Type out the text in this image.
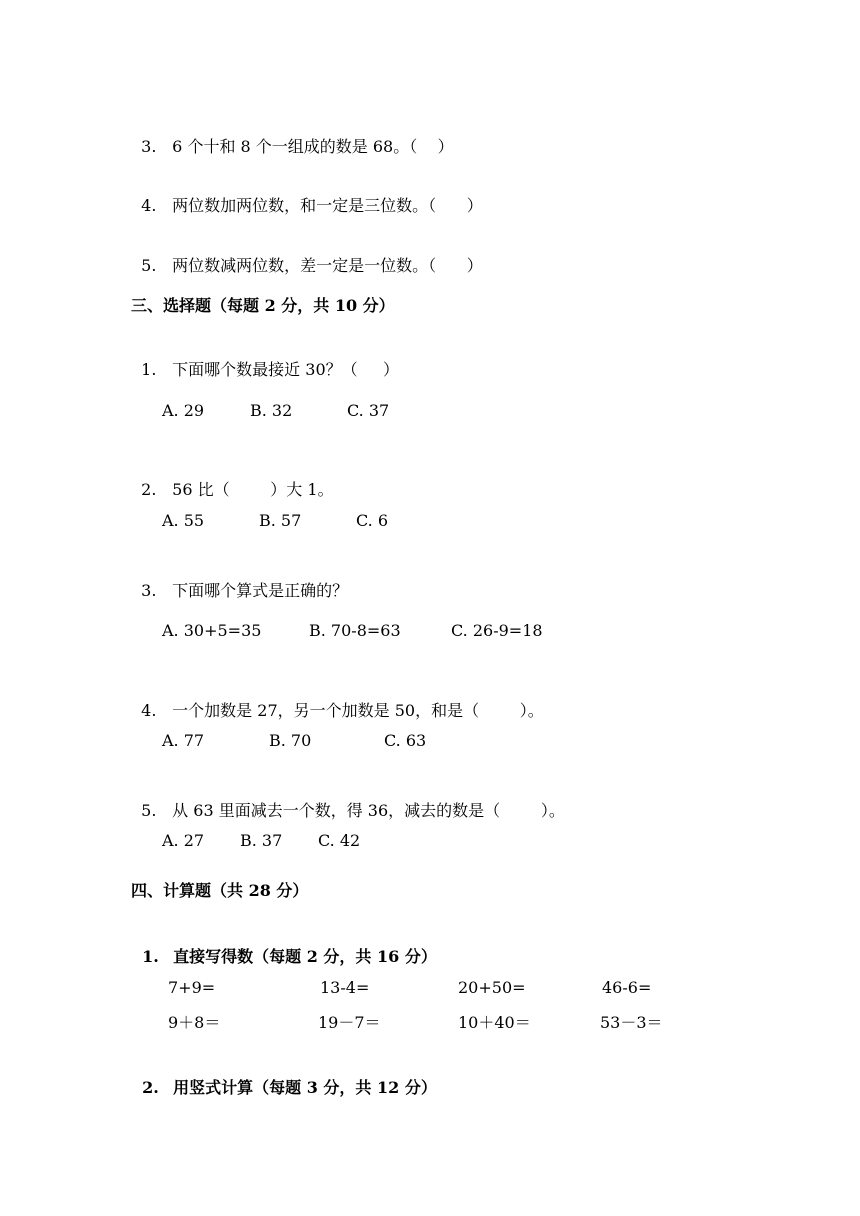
3. 6 个十和 8 个一组成的数是 68。（    ）

4. 两位数加两位数，和一定是三位数。（      ）

5. 两位数减两位数，差一定是一位数。（      ）

三、选择题（每题 2 分，共 10 分）

1. 下面哪个数最接近 30？（     ）

A. 29	B. 32	C. 37

2. 56 比（        ）大 1。

A. 55	B. 57	C. 6

3. 下面哪个算式是正确的？

A. 30+5=35	B. 70-8=63	C. 26-9=18

4. 一个加数是 27，另一个加数是 50，和是（        ）。

A. 77	B. 70	C. 63

5. 从 63 里面减去一个数，得 36，减去的数是（        ）。

A. 27 B. 37 C. 42
四、计算题（共 28 分）

1. 直接写得数（每题 2 分，共 16 分）

7+9=	13-4=	20+50=	46-6=
9＋8＝	19－7＝	10＋40＝	53－3＝

2. 用竖式计算（每题 3 分，共 12 分）
